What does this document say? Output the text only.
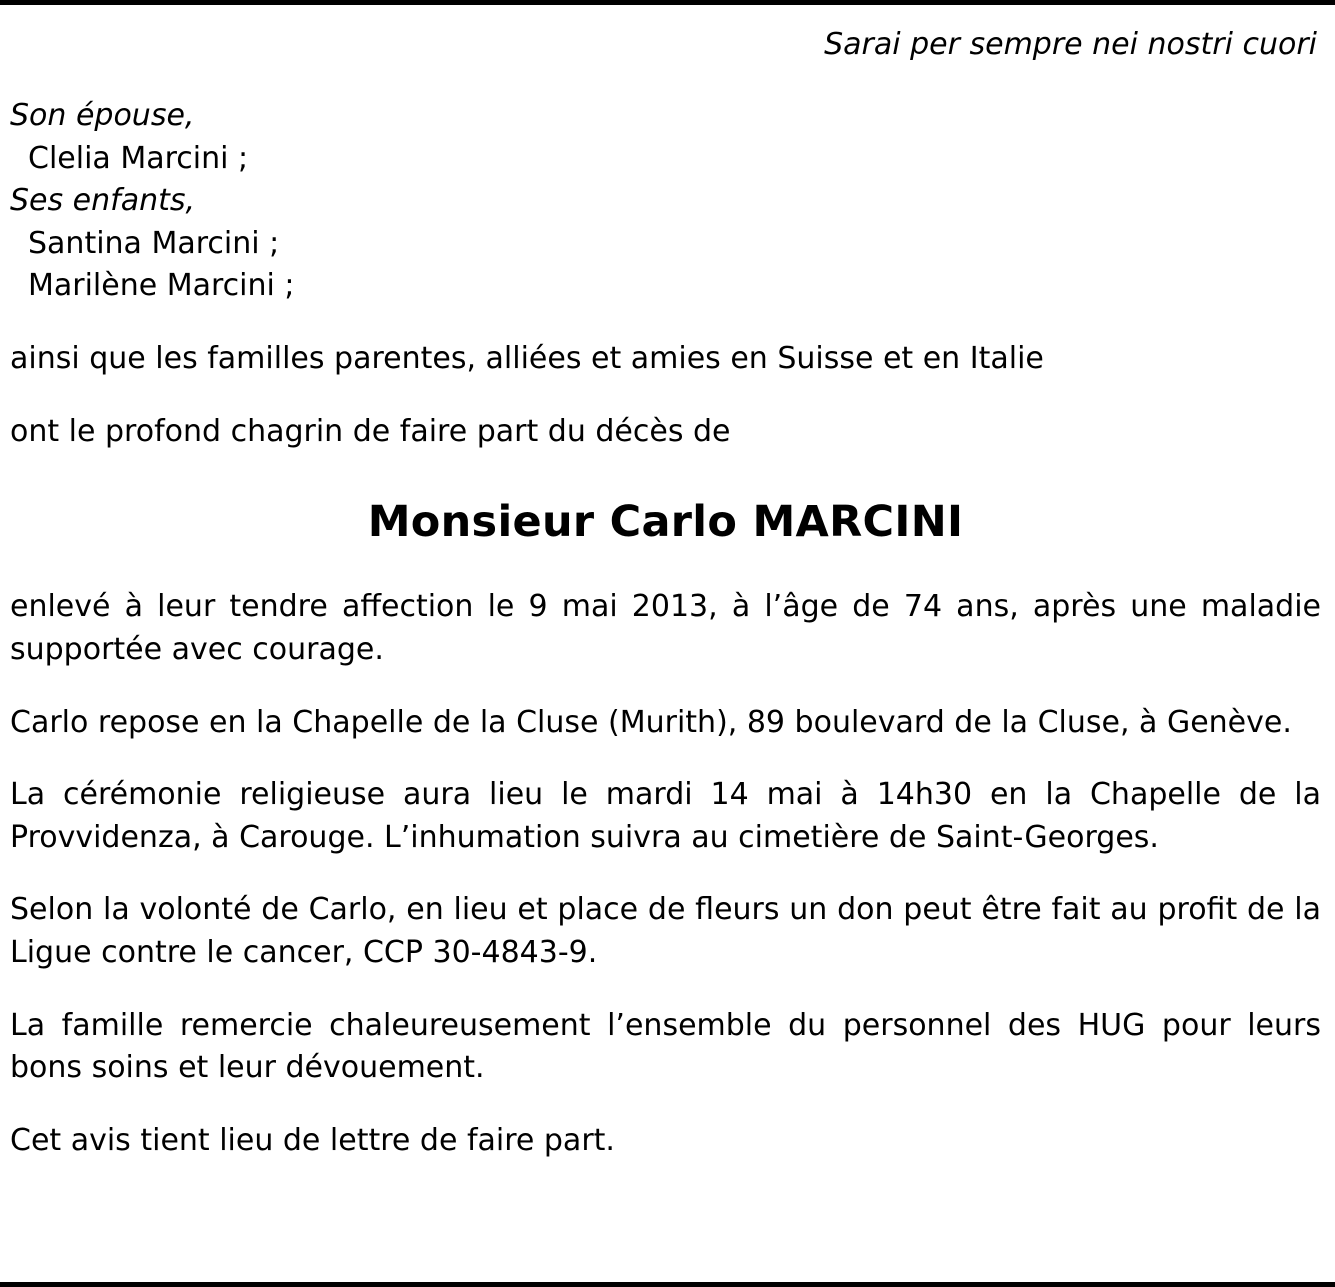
Sarai per sempre nei nostri cuori
Son épouse,
Clelia Marcini ;
Ses enfants,
Santina Marcini ;
Marilène Marcini ;

ainsi que les familles parentes, alliées et amies en Suisse et en Italie

ont le profond chagrin de faire part du décès de

Monsieur Carlo MARCINI

enlevé à leur tendre affection le 9 mai 2013, à l’âge de 74 ans, après une maladie supportée avec courage.

Carlo repose en la Chapelle de la Cluse (Murith), 89 boulevard de la Cluse, à Genève.

La cérémonie religieuse aura lieu le mardi 14 mai à 14h30 en la Chapelle de la Provvidenza, à Carouge. L’inhumation suivra au cimetière de Saint-Georges.

Selon la volonté de Carlo, en lieu et place de fleurs un don peut être fait au profit de la Ligue contre le cancer, CCP 30-4843-9.

La famille remercie chaleureusement l’ensemble du personnel des HUG pour leurs bons soins et leur dévouement.

Cet avis tient lieu de lettre de faire part.
